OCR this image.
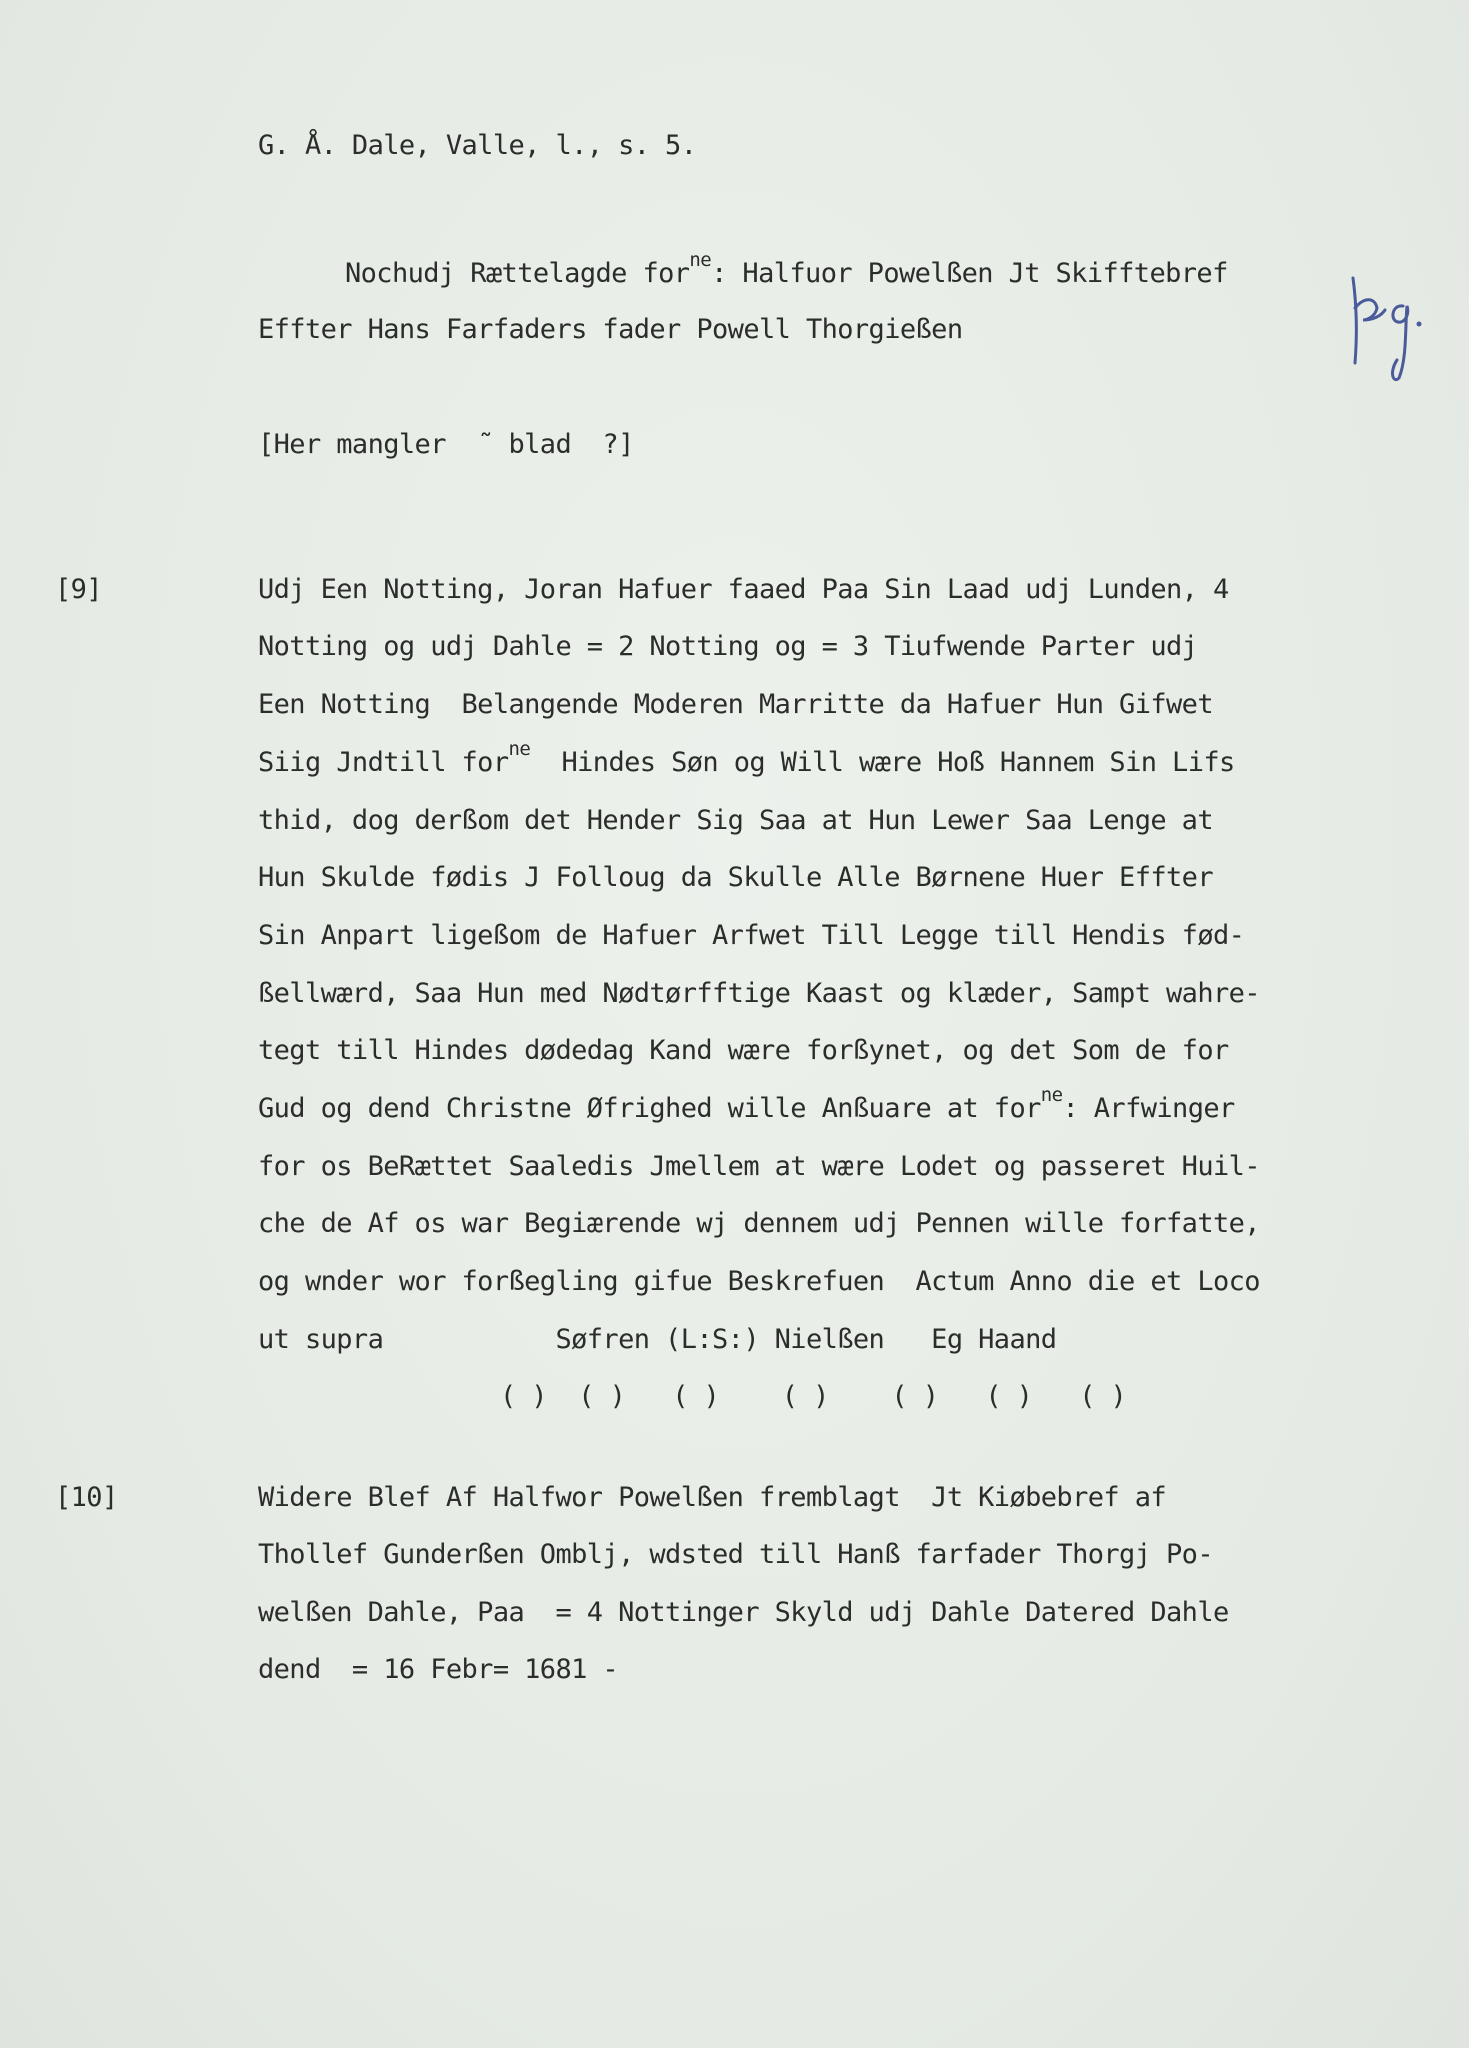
G. Å. Dale, Valle, l., s. 5.
Nochudj Rættelagde for$^{ne}$: Halfuor Powelßen Jt Skifftebref
Effter Hans Farfaders fader Powell Thorgießen
Reg.
[Her mangler  ̃  blad  ?]
[9]	Udj Een Notting, Joran Hafuer faaed Paa Sin Laad udj Lunden, 4
Notting og udj Dahle = 2 Notting og = 3 Tiufwende Parter udj
Een Notting  Belangende Moderen Marritte da Hafuer Hun Gifwet
Siig Jndtill for$^{ne}$  Hindes Søn og Will wære Hoß Hannem Sin Lifs
thid, dog derßom det Hender Sig Saa at Hun Lewer Saa Lenge at
Hun Skulde fødis J Folloug da Skulle Alle Børnene Huer Effter
Sin Anpart ligeßom de Hafuer Arfwet Till Legge till Hendis fød-
ßellwærd, Saa Hun med Nødtørfftige Kaast og klæder, Sampt wahre-
tegt till Hindes dødedag Kand wære forßynet, og det Som de for
Gud og dend Christne Øfrighed wille Anßuare at for$^{ne}$: Arfwinger
for os BeRættet Saaledis Jmellem at wære Lodet og passeret Huil-
che de Af os war Begiærende wj dennem udj Pennen wille forfatte,
og wnder wor forßegling gifue Beskrefuen  Actum Anno die et Loco
ut supra           Søfren (L:S:) Nielßen   Eg Haand
( )  ( )   ( )    ( )    ( )   ( )   ( )
[10]	Widere Blef Af Halfwor Powelßen fremblagt  Jt Kiøbebref af
Thollef Gunderßen Omblj, wdsted till Hanß farfader Thorgj Po-
welßen Dahle, Paa  = 4 Nottinger Skyld udj Dahle Datered Dahle
dend  = 16 Febr= 1681 -
